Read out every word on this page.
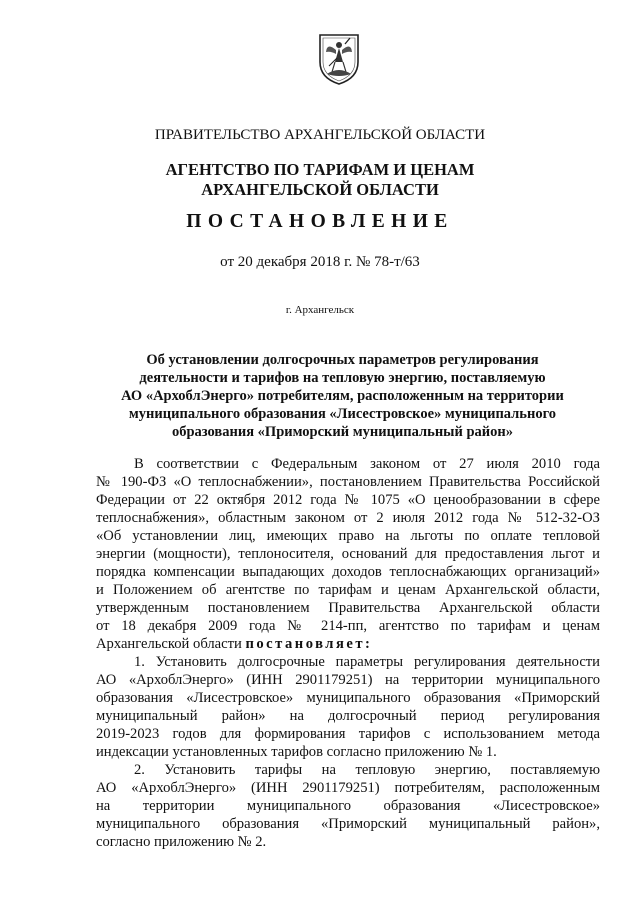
ПРАВИТЕЛЬСТВО АРХАНГЕЛЬСКОЙ ОБЛАСТИ
АГЕНТСТВО ПО ТАРИФАМ И ЦЕНАМ
АРХАНГЕЛЬСКОЙ ОБЛАСТИ
ПОСТАНОВЛЕНИЕ
от 20 декабря 2018 г. № 78-т/63
г. Архангельск
Об установлении долгосрочных параметров регулирования
деятельности и тарифов на тепловую энергию, поставляемую
АО «АрхоблЭнерго» потребителям, расположенным на территории
муниципального образования «Лисестровское» муниципального
образования «Приморский муниципальный район»
В соответствии с Федеральным законом от 27 июля 2010 года
№ 190-ФЗ «О теплоснабжении», постановлением Правительства Российской
Федерации от 22 октября 2012 года № 1075 «О ценообразовании в сфере
теплоснабжения», областным законом от 2 июля 2012 года № 512-32-ОЗ
«Об установлении лиц, имеющих право на льготы по оплате тепловой
энергии (мощности), теплоносителя, оснований для предоставления льгот и
порядка компенсации выпадающих доходов теплоснабжающих организаций»
и Положением об агентстве по тарифам и ценам Архангельской области,
утвержденным постановлением Правительства Архангельской области
от 18 декабря 2009 года № 214-пп, агентство по тарифам и ценам
Архангельской области постановляет:
1. Установить долгосрочные параметры регулирования деятельности
АО «АрхоблЭнерго» (ИНН 2901179251) на территории муниципального
образования «Лисестровское» муниципального образования «Приморский
муниципальный район» на долгосрочный период регулирования
2019-2023 годов для формирования тарифов с использованием метода
индексации установленных тарифов согласно приложению № 1.
2. Установить тарифы на тепловую энергию, поставляемую
АО «АрхоблЭнерго» (ИНН 2901179251) потребителям, расположенным
на территории муниципального образования «Лисестровское»
муниципального образования «Приморский муниципальный район»,
согласно приложению № 2.
